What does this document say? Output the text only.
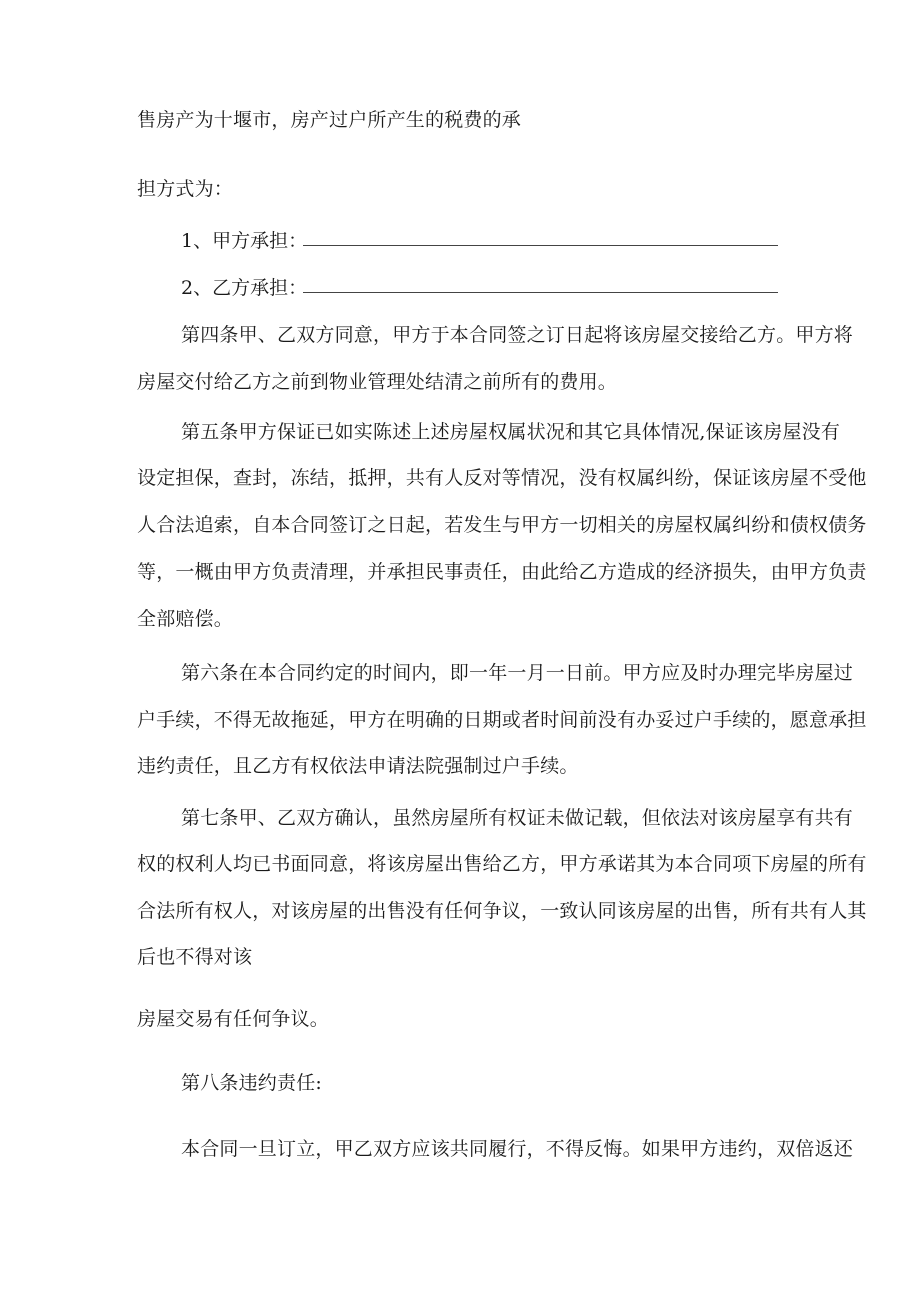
售房产为十堰市，房产过户所产生的税费的承
担方式为：
1、甲方承担：
2、乙方承担：
第四条甲、乙双方同意，甲方于本合同签之订日起将该房屋交接给乙方。甲方将
房屋交付给乙方之前到物业管理处结清之前所有的费用。
第五条甲方保证已如实陈述上述房屋权属状况和其它具体情况,保证该房屋没有
设定担保，查封，冻结，抵押，共有人反对等情况，没有权属纠纷，保证该房屋不受他
人合法追索，自本合同签订之日起，若发生与甲方一切相关的房屋权属纠纷和债权债务
等，一概由甲方负责清理，并承担民事责任，由此给乙方造成的经济损失，由甲方负责
全部赔偿。
第六条在本合同约定的时间内，即一年一月一日前。甲方应及时办理完毕房屋过
户手续，不得无故拖延，甲方在明确的日期或者时间前没有办妥过户手续的，愿意承担
违约责任，且乙方有权依法申请法院强制过户手续。
第七条甲、乙双方确认，虽然房屋所有权证未做记载，但依法对该房屋享有共有
权的权利人均已书面同意，将该房屋出售给乙方，甲方承诺其为本合同项下房屋的所有
合法所有权人，对该房屋的出售没有任何争议，一致认同该房屋的出售，所有共有人其
后也不得对该
房屋交易有任何争议。
第八条违约责任:
本合同一旦订立，甲乙双方应该共同履行，不得反悔。如果甲方违约，双倍返还
